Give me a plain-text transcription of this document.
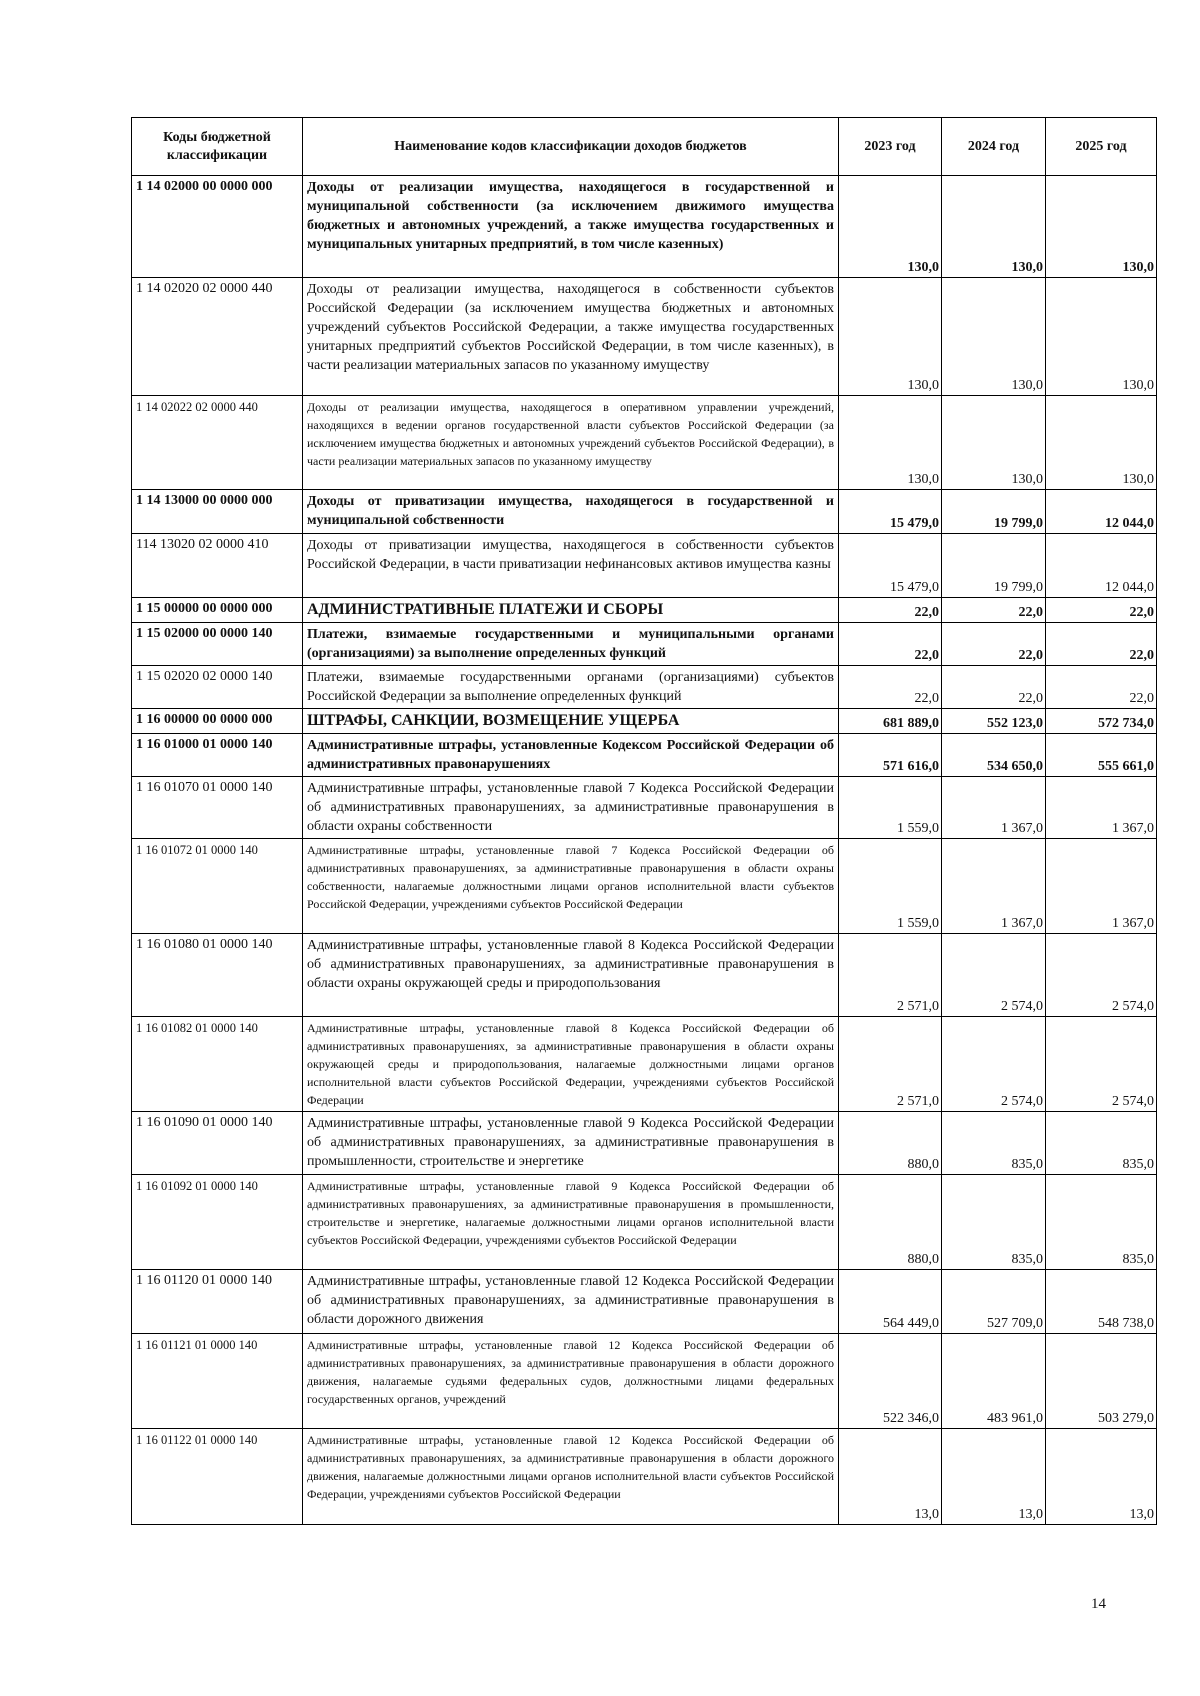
Коды бюджетной классификации	Наименование кодов классификации доходов бюджетов	2023 год	2024 год	2025 год
1 14 02000 00 0000 000	Доходы от реализации имущества, находящегося в государственной и муниципальной собственности (за исключением движимого имущества бюджетных и автономных учреждений, а также имущества государственных и муниципальных унитарных предприятий, в том числе казенных)	130,0	130,0	130,0
1 14 02020 02 0000 440	Доходы от реализации имущества, находящегося в собственности субъектов Российской Федерации (за исключением имущества бюджетных и автономных учреждений субъектов Российской Федерации, а также имущества государственных унитарных предприятий субъектов Российской Федерации, в том числе казенных), в части реализации материальных запасов по указанному имуществу	130,0	130,0	130,0
1 14 02022 02 0000 440	Доходы от реализации имущества, находящегося в оперативном управлении учреждений, находящихся в ведении органов государственной власти субъектов Российской Федерации (за исключением имущества бюджетных и автономных учреждений субъектов Российской Федерации), в части реализации материальных запасов по указанному имуществу	130,0	130,0	130,0
1 14 13000 00 0000 000	Доходы от приватизации имущества, находящегося в государственной и муниципальной собственности	15 479,0	19 799,0	12 044,0
114 13020 02 0000 410	Доходы от приватизации имущества, находящегося в собственности субъектов Российской Федерации, в части приватизации нефинансовых активов имущества казны	15 479,0	19 799,0	12 044,0
1 15 00000 00 0000 000	АДМИНИСТРАТИВНЫЕ ПЛАТЕЖИ И СБОРЫ	22,0	22,0	22,0
1 15 02000 00 0000 140	Платежи, взимаемые государственными и муниципальными органами (организациями) за выполнение определенных функций	22,0	22,0	22,0
1 15 02020 02 0000 140	Платежи, взимаемые государственными органами (организациями) субъектов Российской Федерации за выполнение определенных функций	22,0	22,0	22,0
1 16 00000 00 0000 000	ШТРАФЫ, САНКЦИИ, ВОЗМЕЩЕНИЕ УЩЕРБА	681 889,0	552 123,0	572 734,0
1 16 01000 01 0000 140	Административные штрафы, установленные Кодексом Российской Федерации об административных правонарушениях	571 616,0	534 650,0	555 661,0
1 16 01070 01 0000 140	Административные штрафы, установленные главой 7 Кодекса Российской Федерации об административных правонарушениях, за административные правонарушения в области охраны собственности	1 559,0	1 367,0	1 367,0
1 16 01072 01 0000 140	Административные штрафы, установленные главой 7 Кодекса Российской Федерации об административных правонарушениях, за административные правонарушения в области охраны собственности, налагаемые должностными лицами органов исполнительной власти субъектов Российской Федерации, учреждениями субъектов Российской Федерации	1 559,0	1 367,0	1 367,0
1 16 01080 01 0000 140	Административные штрафы, установленные главой 8 Кодекса Российской Федерации об административных правонарушениях, за административные правонарушения в области охраны окружающей среды и природопользования	2 571,0	2 574,0	2 574,0
1 16 01082 01 0000 140	Административные штрафы, установленные главой 8 Кодекса Российской Федерации об административных правонарушениях, за административные правонарушения в области охраны окружающей среды и природопользования, налагаемые должностными лицами органов исполнительной власти субъектов Российской Федерации, учреждениями субъектов Российской Федерации	2 571,0	2 574,0	2 574,0
1 16 01090 01 0000 140	Административные штрафы, установленные главой 9 Кодекса Российской Федерации об административных правонарушениях, за административные правонарушения в промышленности, строительстве и энергетике	880,0	835,0	835,0
1 16 01092 01 0000 140	Административные штрафы, установленные главой 9 Кодекса Российской Федерации об административных правонарушениях, за административные правонарушения в промышленности, строительстве и энергетике, налагаемые должностными лицами органов исполнительной власти субъектов Российской Федерации, учреждениями субъектов Российской Федерации	880,0	835,0	835,0
1 16 01120 01 0000 140	Административные штрафы, установленные главой 12 Кодекса Российской Федерации об административных правонарушениях, за административные правонарушения в области дорожного движения	564 449,0	527 709,0	548 738,0
1 16 01121 01 0000 140	Административные штрафы, установленные главой 12 Кодекса Российской Федерации об административных правонарушениях, за административные правонарушения в области дорожного движения, налагаемые судьями федеральных судов, должностными лицами федеральных государственных органов, учреждений	522 346,0	483 961,0	503 279,0
1 16 01122 01 0000 140	Административные штрафы, установленные главой 12 Кодекса Российской Федерации об административных правонарушениях, за административные правонарушения в области дорожного движения, налагаемые должностными лицами органов исполнительной власти субъектов Российской Федерации, учреждениями субъектов Российской Федерации	13,0	13,0	13,0
14
